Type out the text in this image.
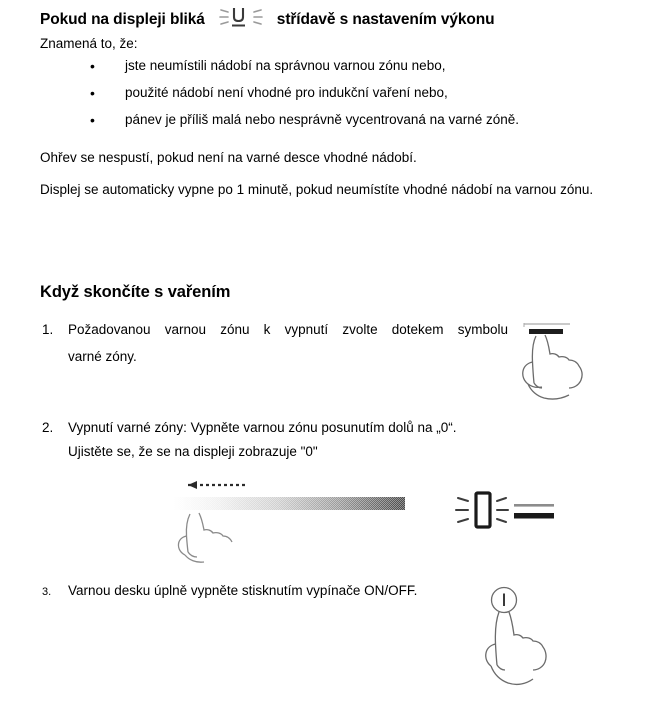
Pokud na displeji bliká	střídavě s nastavením výkonu
Znamená to, že:
•	jste neumístili nádobí na správnou varnou zónu nebo,
•	použité nádobí není vhodné pro indukční vaření nebo,
•	pánev je příliš malá nebo nesprávně vycentrovaná na varné zóně.
Ohřev se nespustí, pokud není na varné desce vhodné nádobí.
Displej se automaticky vypne po 1 minutě, pokud neumístíte vhodné nádobí na varnou zónu.
Když skončíte s vařením
1. Požadovanou varnou zónu k vypnutí zvolte dotekem symbolu
varné zóny.
2. Vypnutí varné zóny: Vypněte varnou zónu posunutím dolů na „0“.
Ujistěte se, že se na displeji zobrazuje "0"
3. Varnou desku úplně vypněte stisknutím vypínače ON/OFF.
